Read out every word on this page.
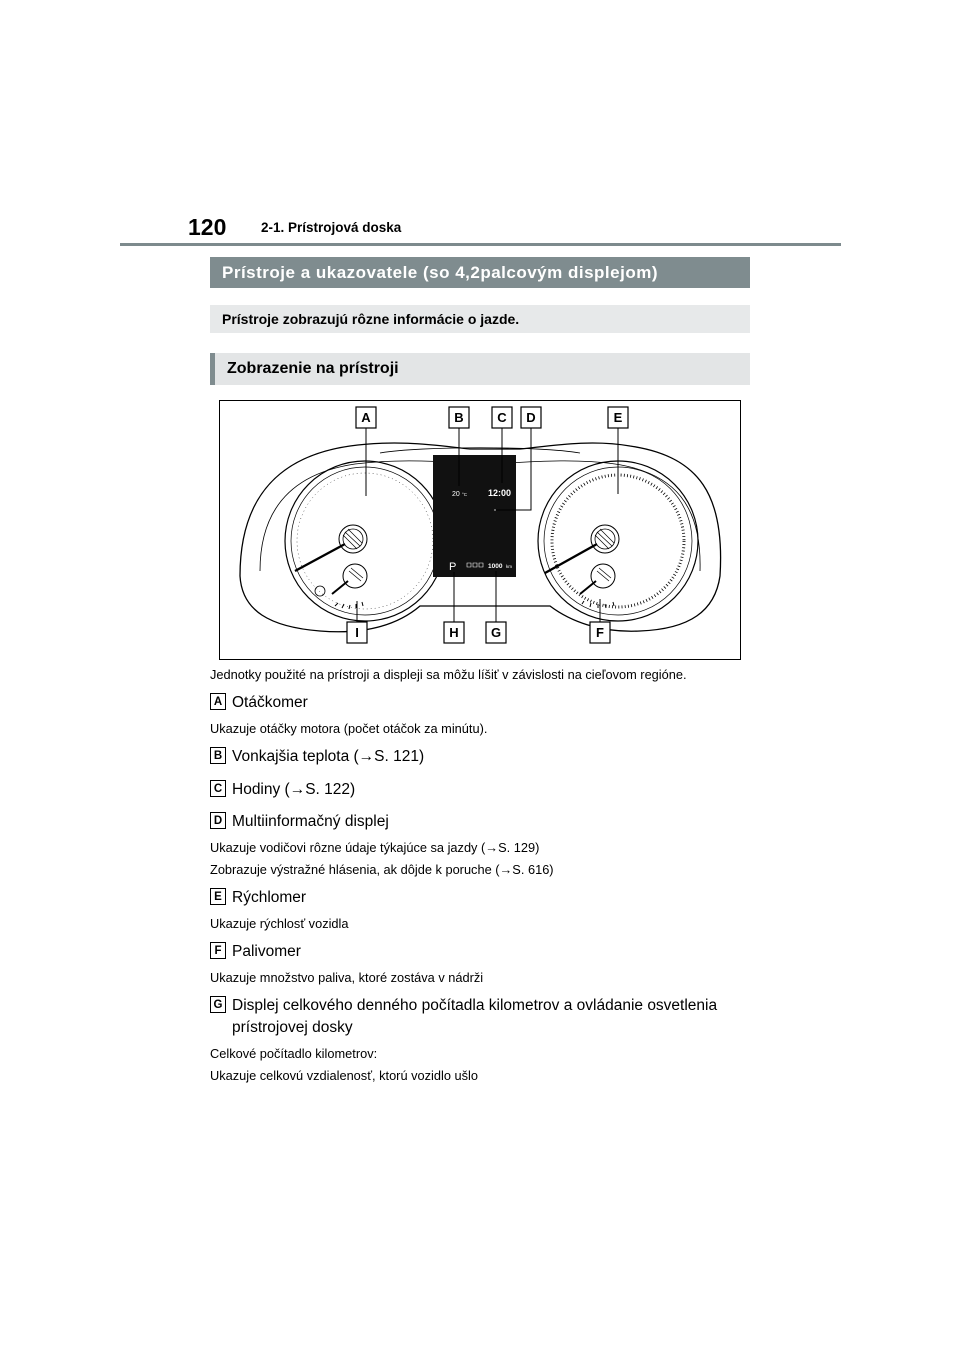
120	2-1. Prístrojová doska
Prístroje a ukazovatele (so 4,2palcovým displejom)
Prístroje zobrazujú rôzne informácie o jazde.
Zobrazenie na prístroji
20 °C 12:00
P	1000 km
A	B	C D	E
F
G
H
I
Jednotky použité na prístroji a displeji sa môžu líšiť v závislosti na cieľovom regióne.
A Otáčkomer
Ukazuje otáčky motora (počet otáčok za minútu).
B Vonkajšia teplota (→S. 121)
C Hodiny (→S. 122)
D Multiinformačný displej
Ukazuje vodičovi rôzne údaje týkajúce sa jazdy (→S. 129)
Zobrazuje výstražné hlásenia, ak dôjde k poruche (→S. 616)
E Rýchlomer
Ukazuje rýchlosť vozidla
F Palivomer
Ukazuje množstvo paliva, ktoré zostáva v nádrži
G Displej celkového denného počítadla kilometrov a ovládanie osvetlenia prístrojovej dosky
Celkové počítadlo kilometrov:
Ukazuje celkovú vzdialenosť, ktorú vozidlo ušlo
